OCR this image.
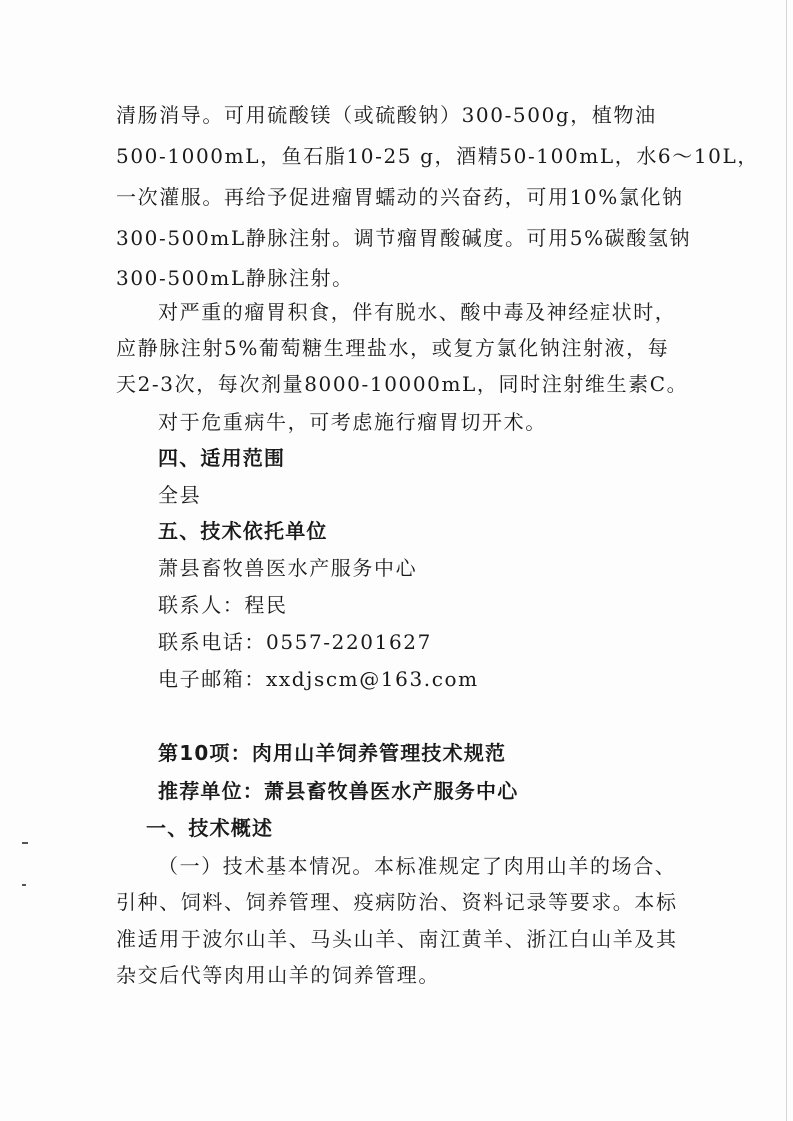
清肠消导。可用硫酸镁（或硫酸钠）300-500g，植物油
500-1000mL，鱼石脂10-25 g，酒精50-100mL，水6～10L，
一次灌服。再给予促进瘤胃蠕动的兴奋药，可用10%氯化钠
300-500mL静脉注射。调节瘤胃酸碱度。可用5%碳酸氢钠
300-500mL静脉注射。
对严重的瘤胃积食，伴有脱水、酸中毒及神经症状时，
应静脉注射5%葡萄糖生理盐水，或复方氯化钠注射液，每
天2-3次，每次剂量8000-10000mL，同时注射维生素C。
对于危重病牛，可考虑施行瘤胃切开术。
四、适用范围
全县
五、技术依托单位
萧县畜牧兽医水产服务中心
联系人：程民
联系电话：0557-2201627
电子邮箱：xxdjscm@163.com
第10项：肉用山羊饲养管理技术规范
推荐单位：萧县畜牧兽医水产服务中心
一、技术概述
（一）技术基本情况。本标准规定了肉用山羊的场合、
引种、饲料、饲养管理、疫病防治、资料记录等要求。本标
准适用于波尔山羊、马头山羊、南江黄羊、浙江白山羊及其
杂交后代等肉用山羊的饲养管理。
